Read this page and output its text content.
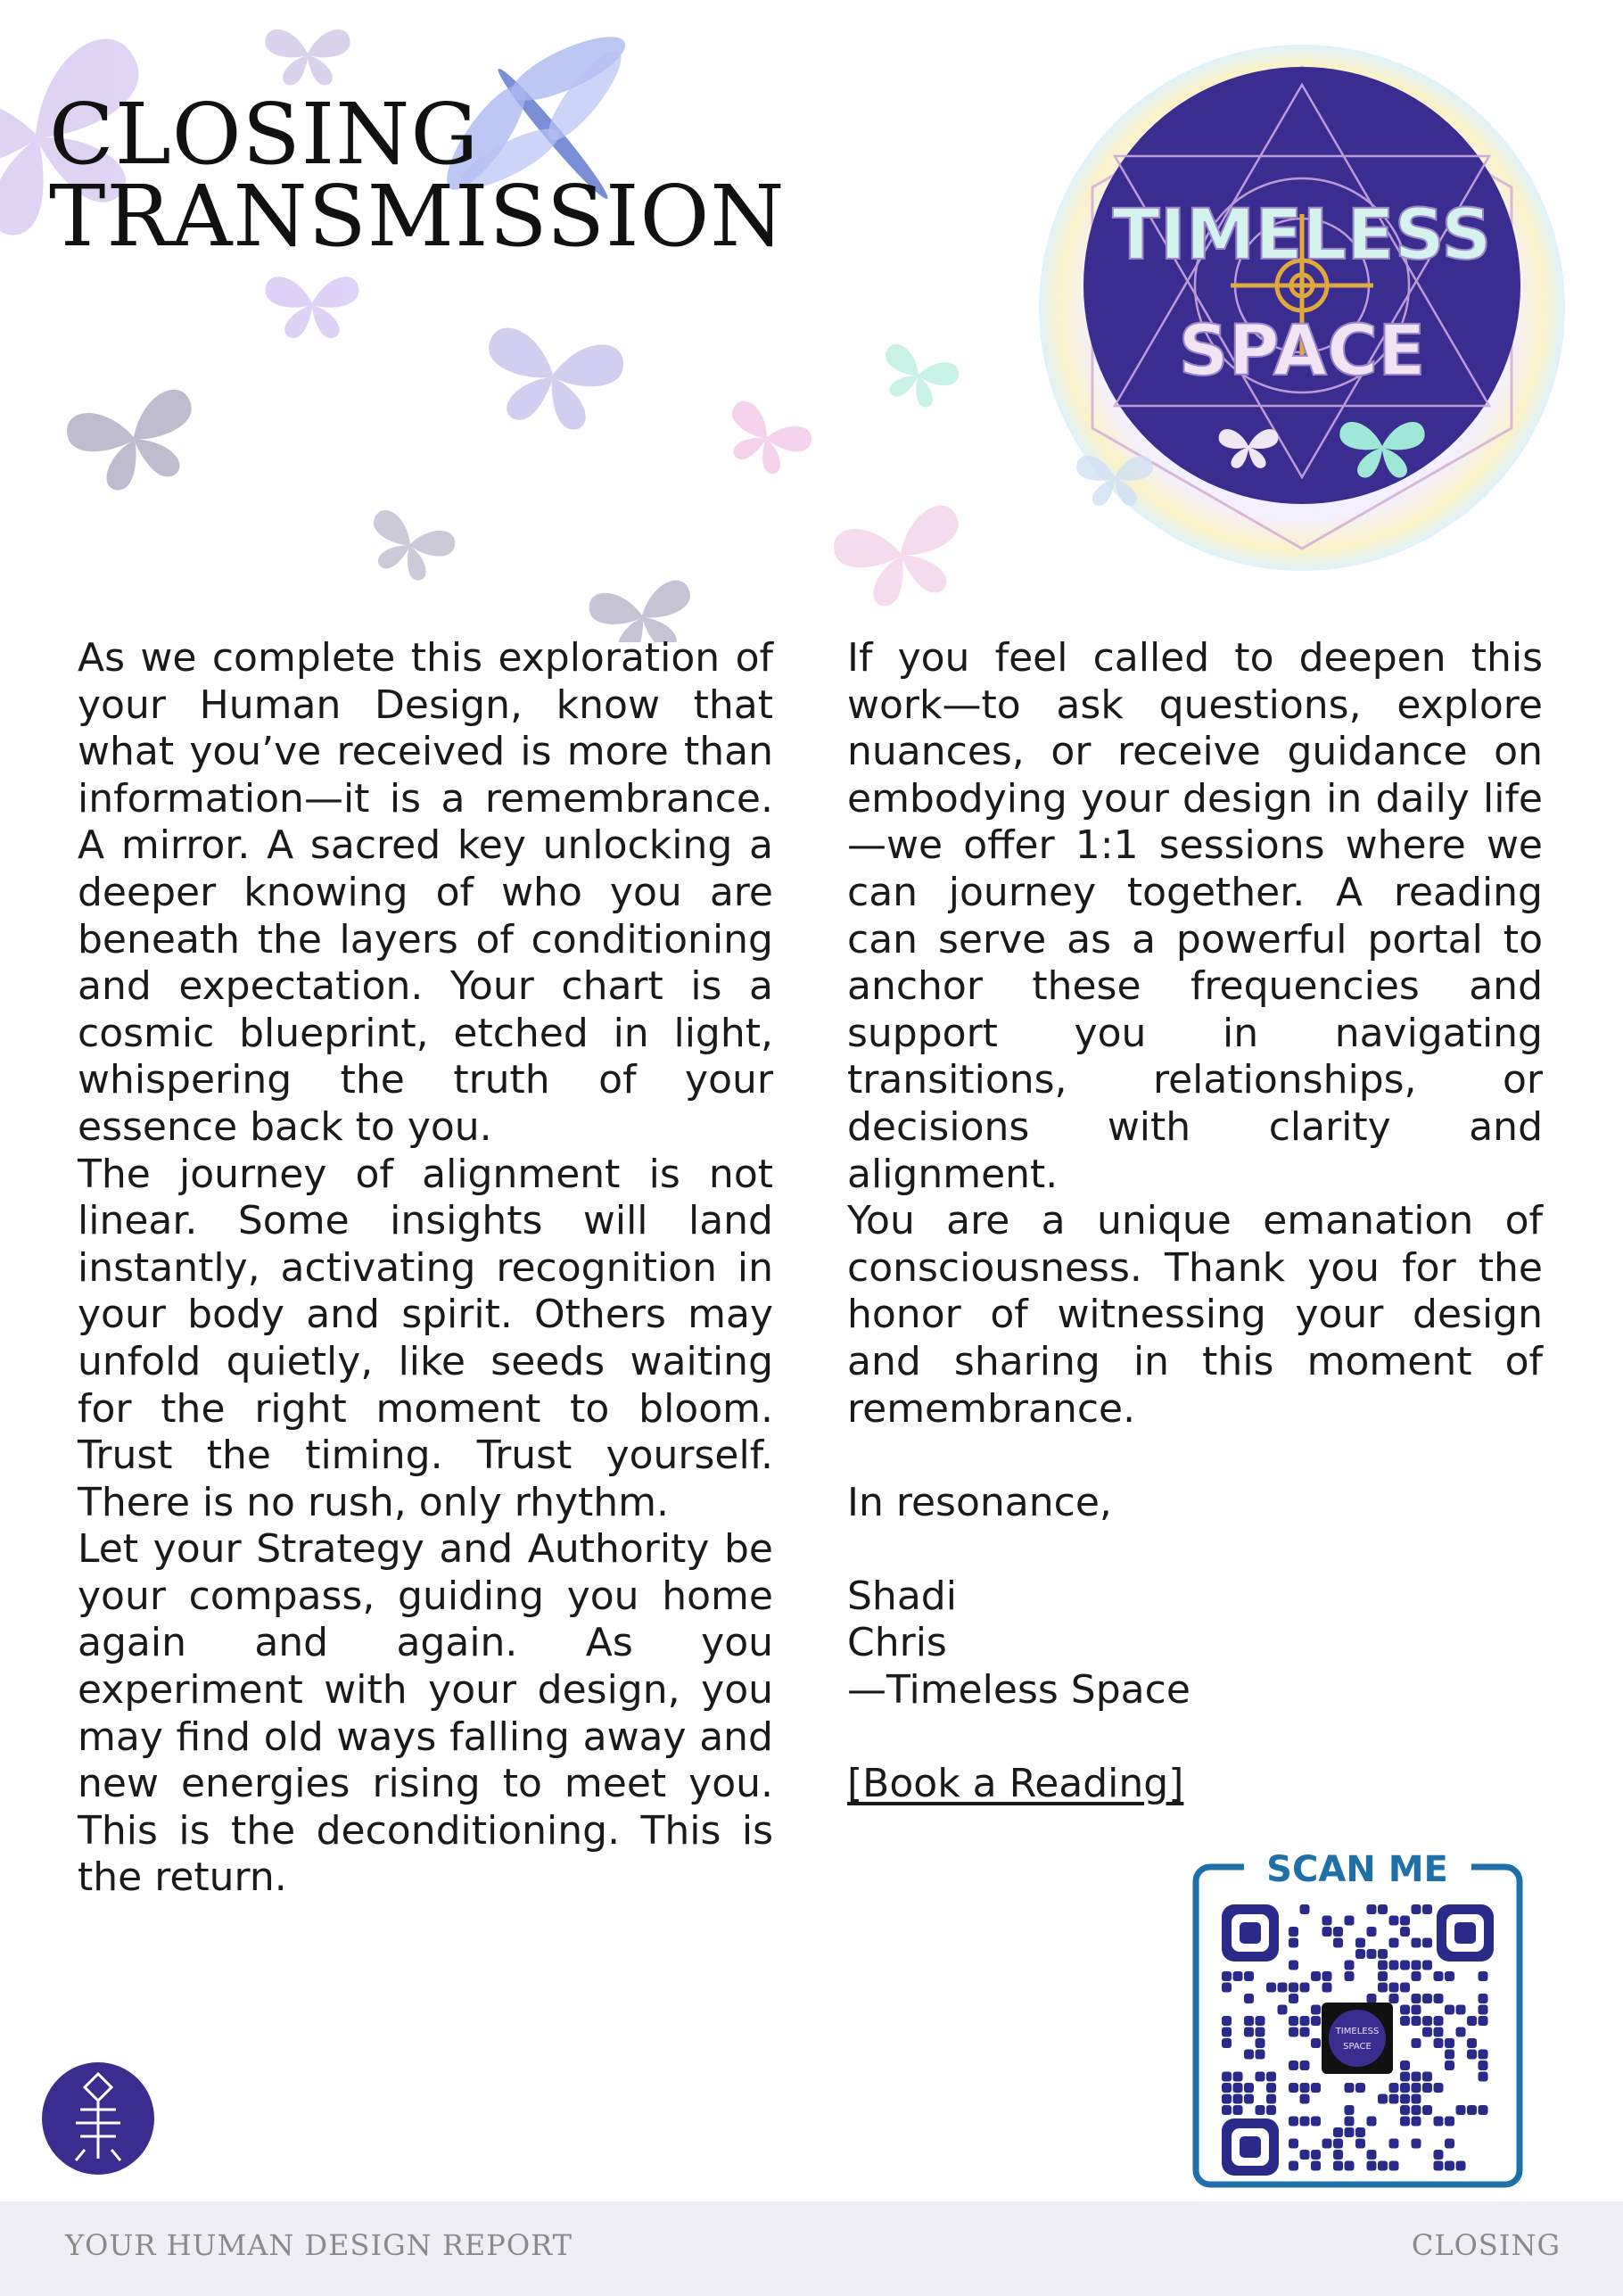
CLOSING
TRANSMISSION	TIMELESS
SPACE

As we complete this exploration of your Human Design, know that what you’ve received is more than information—it is a remembrance. A mirror. A sacred key unlocking a deeper knowing of who you are beneath the layers of conditioning and expectation. Your chart is a cosmic blueprint, etched in light, whispering the truth of your essence back to you.

The journey of alignment is not linear. Some insights will land instantly, activating recognition in your body and spirit. Others may unfold quietly, like seeds waiting for the right moment to bloom. Trust the timing. Trust yourself. There is no rush, only rhythm.

Let your Strategy and Authority be your compass, guiding you home again and again. As you experiment with your design, you may find old ways falling away and new energies rising to meet you. This is the deconditioning. This is the return.

If you feel called to deepen this work—to ask questions, explore nuances, or receive guidance on embodying your design in daily life—we offer 1:1 sessions where we can journey together. A reading can serve as a powerful portal to anchor these frequencies and support you in navigating transitions, relationships, or decisions with clarity and alignment.

You are a unique emanation of consciousness. Thank you for the honor of witnessing your design and sharing in this moment of remembrance.

In resonance,

Shadi

Chris

—Timeless Space

[Book a Reading]

SCAN ME
TIMELESS
SPACE
YOUR HUMAN DESIGN REPORT	CLOSING
